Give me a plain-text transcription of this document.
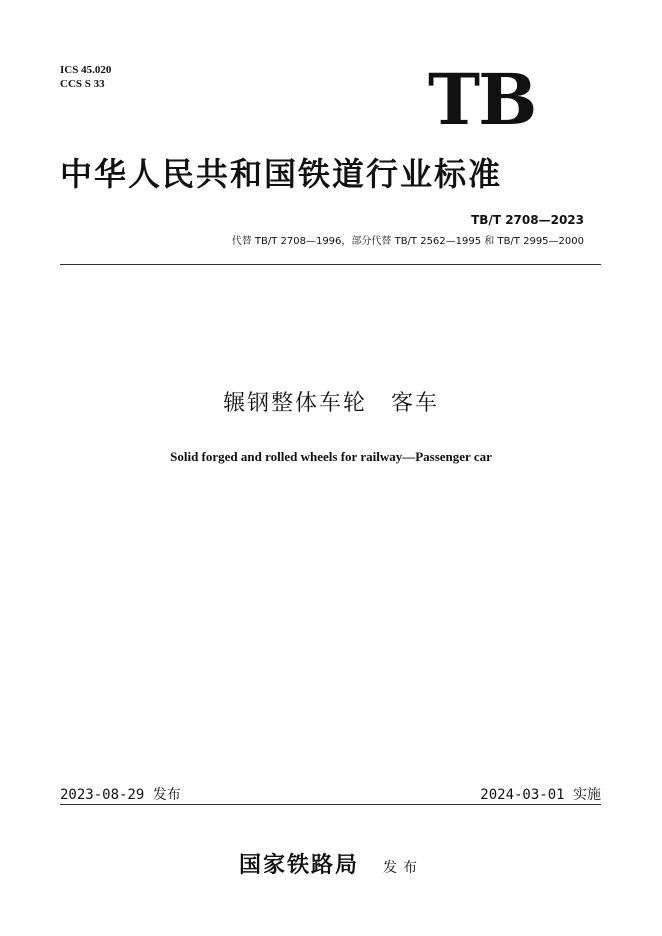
ICS 45.020
CCS S 33	TB
中华人民共和国铁道行业标准
TB/T 2708—2023
代替 TB/T 2708—1996，部分代替 TB/T 2562—1995 和 TB/T 2995—2000
辗钢整体车轮　客车
Solid forged and rolled wheels for railway—Passenger car
2023-08-29 发布	2024-03-01 实施
国家铁路局 发布
